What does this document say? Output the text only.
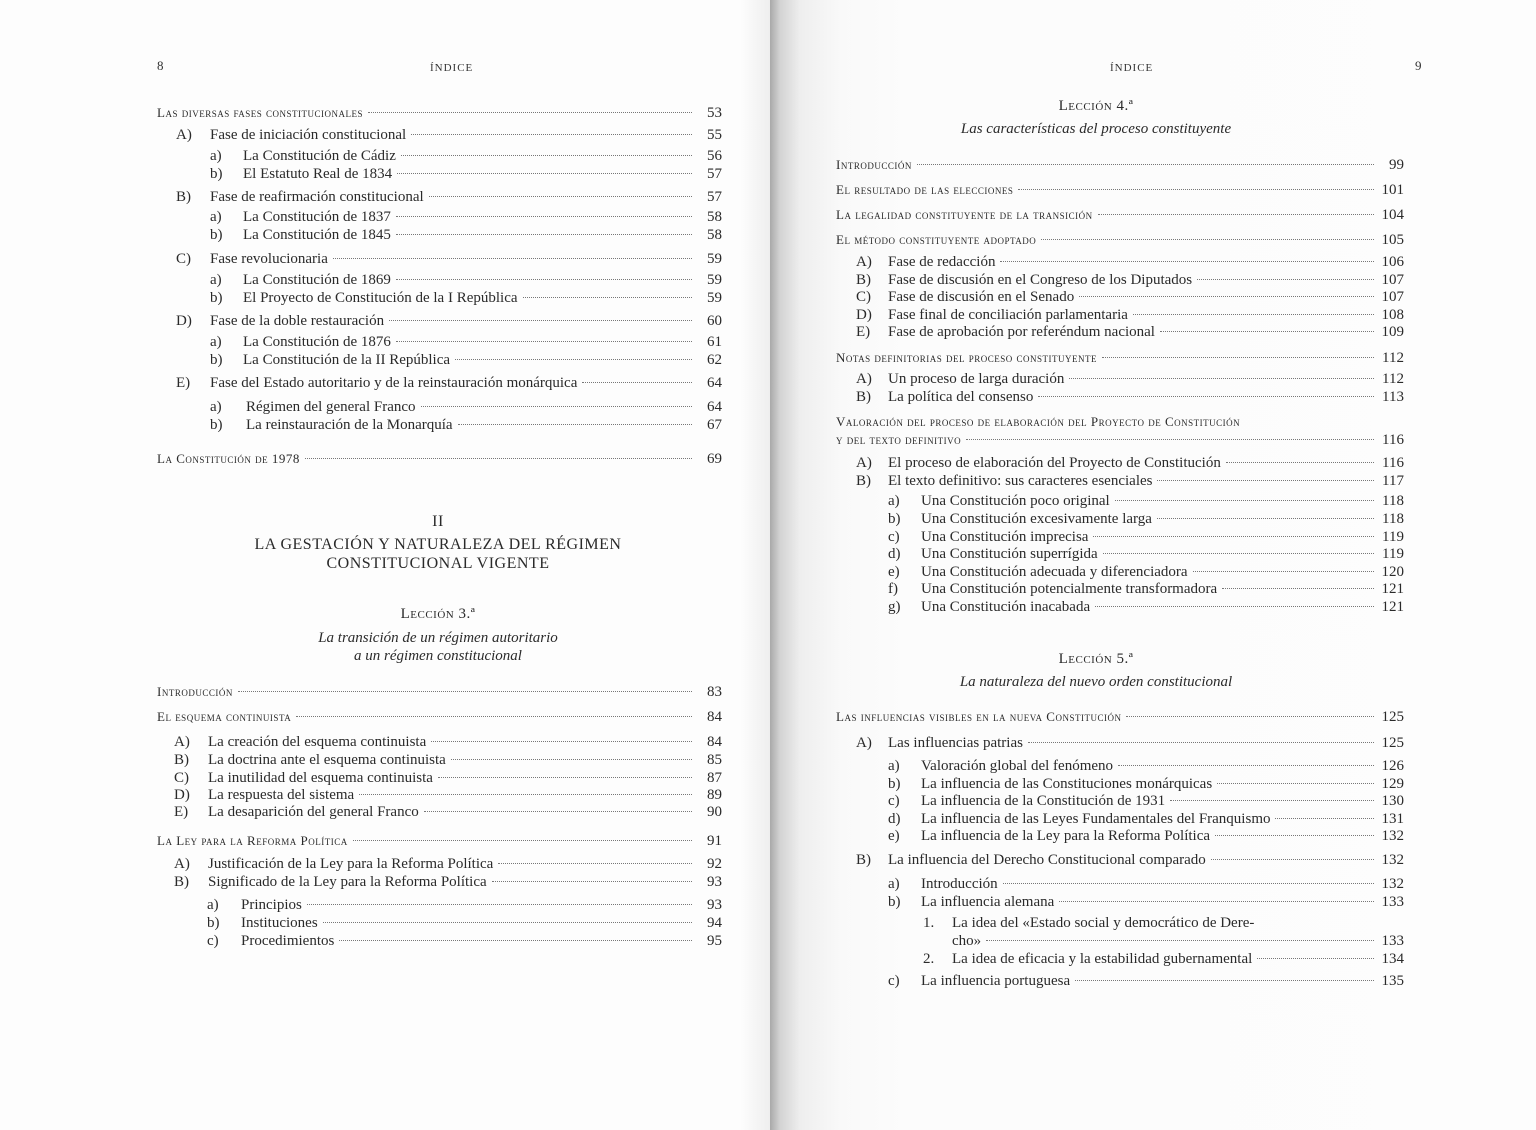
8	ÍNDICE
II
LA GESTACIÓN Y NATURALEZA DEL RÉGIMEN
CONSTITUCIONAL VIGENTE
Lección 3.ª
La transición de un régimen autoritario
a un régimen constitucional
Las diversas fases constitucionales	53
A) Fase de iniciación constitucional	55
a) La Constitución de Cádiz	56
b) El Estatuto Real de 1834	57
B) Fase de reafirmación constitucional	57
a) La Constitución de 1837	58
b) La Constitución de 1845	58
C) Fase revolucionaria	59
a) La Constitución de 1869	59
b) El Proyecto de Constitución de la I República	59
D) Fase de la doble restauración	60
a) La Constitución de 1876	61
b) La Constitución de la II República	62
E) Fase del Estado autoritario y de la reinstauración monárquica	64
a) Régimen del general Franco	64
b) La reinstauración de la Monarquía	67
La Constitución de 1978	69
Introducción	83
El esquema continuista	84
A) La creación del esquema continuista	84
B) La doctrina ante el esquema continuista	85
C) La inutilidad del esquema continuista	87
D) La respuesta del sistema	89
E) La desaparición del general Franco	90
La Ley para la Reforma Política	91
A) Justificación de la Ley para la Reforma Política	92
B) Significado de la Ley para la Reforma Política	93
a) Principios	93
b) Instituciones	94
c) Procedimientos	95
ÍNDICE	9
Lección 4.ª
Las características del proceso constituyente
Lección 5.ª
La naturaleza del nuevo orden constitucional
Introducción	99
El resultado de las elecciones	101
La legalidad constituyente de la transición	104
El método constituyente adoptado	105
A) Fase de redacción	106
B) Fase de discusión en el Congreso de los Diputados	107
C) Fase de discusión en el Senado	107
D) Fase final de conciliación parlamentaria	108
E) Fase de aprobación por referéndum nacional	109
Notas definitorias del proceso constituyente	112
A) Un proceso de larga duración	112
B) La política del consenso	113
Valoración del proceso de elaboración del Proyecto de Constitución
y del texto definitivo	116
A) El proceso de elaboración del Proyecto de Constitución	116
B) El texto definitivo: sus caracteres esenciales	117
a) Una Constitución poco original	118
b) Una Constitución excesivamente larga	118
c) Una Constitución imprecisa	119
d) Una Constitución superrígida	119
e) Una Constitución adecuada y diferenciadora	120
f) Una Constitución potencialmente transformadora	121
g) Una Constitución inacabada	121
Las influencias visibles en la nueva Constitución	125
A) Las influencias patrias	125
a) Valoración global del fenómeno	126
b) La influencia de las Constituciones monárquicas	129
c) La influencia de la Constitución de 1931	130
d) La influencia de las Leyes Fundamentales del Franquismo	131
e) La influencia de la Ley para la Reforma Política	132
B) La influencia del Derecho Constitucional comparado	132
a) Introducción	132
b) La influencia alemana	133
1. La idea del «Estado social y democrático de Dere-
cho»	133
2. La idea de eficacia y la estabilidad gubernamental	134
c) La influencia portuguesa	135
